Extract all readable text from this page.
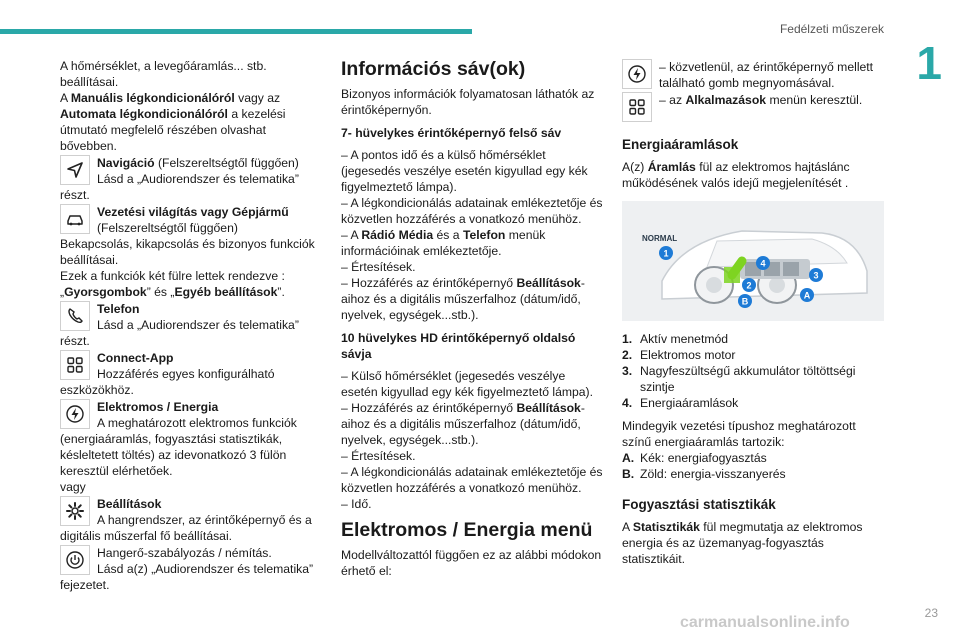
Fedélzeti műszerek
1

A hőmérséklet, a levegőáramlás... stb. beállításai.

A Manuális légkondicionálóról vagy az Automata légkondicionálóról a kezelési útmutató megfelelő részében olvashat bővebben.

Navigáció (Felszereltségtől függően)
Lásd a „Audiorendszer és telematika”

részt.

Vezetési világítás vagy Gépjármű
(Felszereltségtől függően)

Bekapcsolás, kikapcsolás és bizonyos funkciók beállításai.

Ezek a funkciók két fülre lettek rendezve :

„Gyorsgombok” és „Egyéb beállítások”.

Telefon
Lásd a „Audiorendszer és telematika”

részt.

Connect-App
Hozzáférés egyes konfigurálható

eszközökhöz.

Elektromos / Energia
A meghatározott elektromos funkciók

(energiaáramlás, fogyasztási statisztikák, késleltetett töltés) az idevonatkozó 3 fülön keresztül elérhetőek.

vagy

Beállítások
A hangrendszer, az érintőképernyő és a

digitális műszerfal fő beállításai.

Hangerő-szabályozás / némítás.
Lásd a(z) „Audiorendszer és telematika”

fejezetet.

Információs sáv(ok)

Bizonyos információk folyamatosan láthatók az érintőképernyőn.

7- hüvelykes érintőképernyő felső sáv

– A pontos idő és a külső hőmérséklet (jegesedés veszélye esetén kigyullad egy kék figyelmeztető lámpa).

– A légkondicionálás adatainak emlékeztetője és közvetlen hozzáférés a vonatkozó menühöz.

– A Rádió Média és a Telefon menük információinak emlékeztetője.

– Értesítések.

– Hozzáférés az érintőképernyő Beállítások-aihoz és a digitális műszerfalhoz (dátum/idő, nyelvek, egységek...stb.).

10 hüvelykes HD érintőképernyő oldalsó sávja

– Külső hőmérséklet (jegesedés veszélye esetén kigyullad egy kék figyelmeztető lámpa).

– Hozzáférés az érintőképernyő Beállítások-aihoz és a digitális műszerfalhoz (dátum/idő, nyelvek, egységek...stb.).

– Értesítések.

– A légkondicionálás adatainak emlékeztetője és közvetlen hozzáférés a vonatkozó menühöz.

– Idő.

Elektromos / Energia menü

Modellváltozattól függően ez az alábbi módokon érhető el:

– közvetlenül, az érintőképernyő mellett található gomb megnyomásával.
– az Alkalmazások menün keresztül.
Energiaáramlások

A(z) Áramlás fül az elektromos hajtáslánc működésének valós idejű megjelenítését .

NORMAL
1
4
3
2
B
A
1. Aktív menetmód
2. Elektromos motor
3. Nagyfeszültségű akkumulátor töltöttségi szintje
4. Energiaáramlások

Mindegyik vezetési típushoz meghatározott színű energiaáramlás tartozik:

A. Kék: energiafogyasztás
B. Zöld: energia-visszanyerés
Fogyasztási statisztikák

A Statisztikák fül megmutatja az elektromos energia és az üzemanyag-fogyasztás statisztikáit.

carmanualsonline.info
23
